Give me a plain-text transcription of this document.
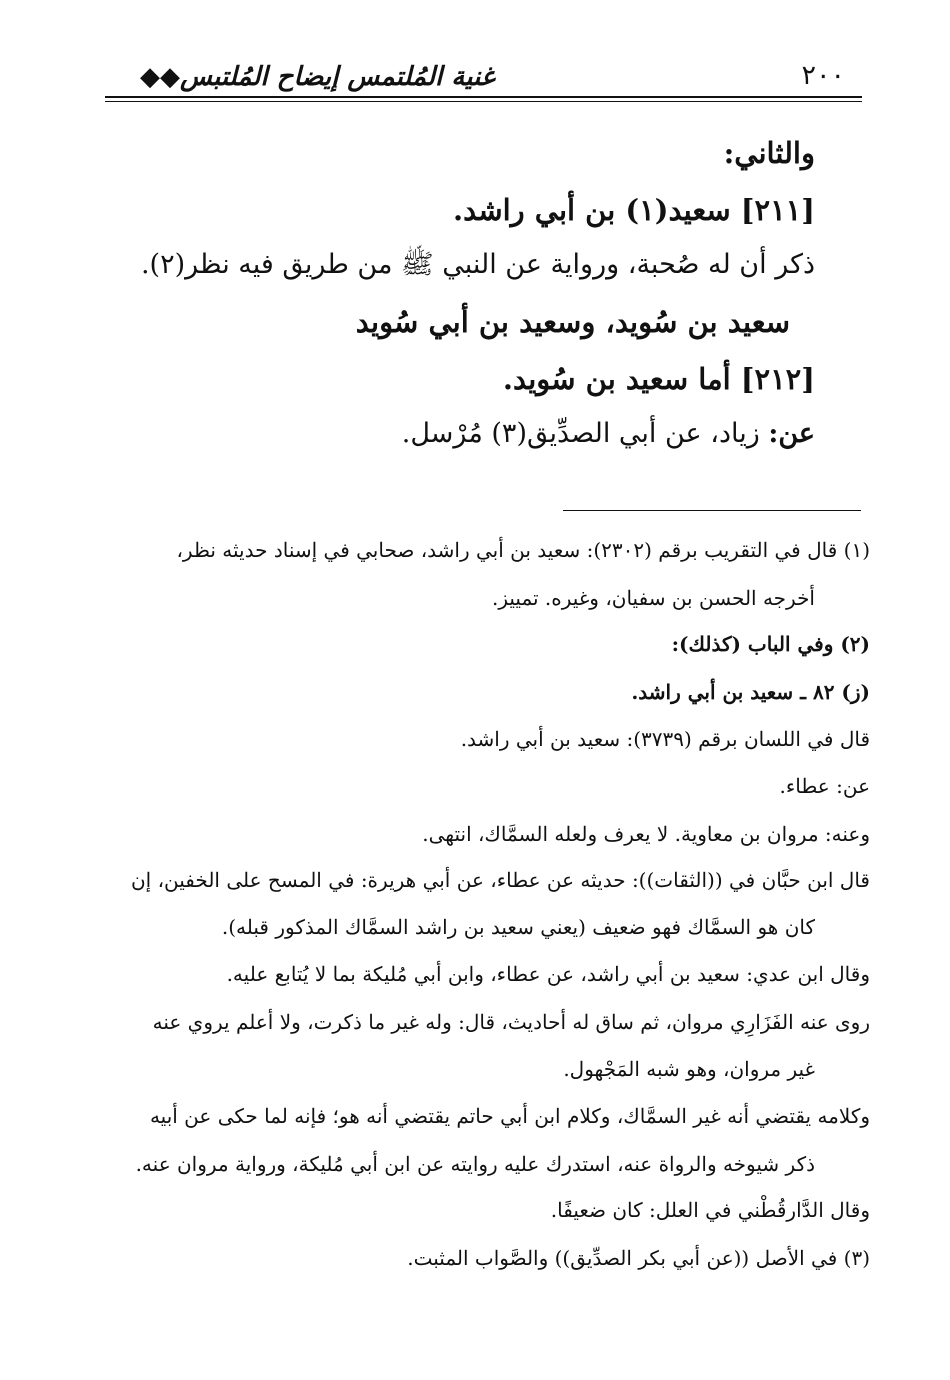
٢٠٠
غنية المُلتمس إيضاح المُلتبس◆◆
والثاني:
[٢١١] سعيد(١) بن أبي راشد.
ذكر أن له صُحبة، ورواية عن النبي ﷺ من طريق فيه نظر(٢).
سعيد بن سُويد، وسعيد بن أبي سُويد
[٢١٢] أما سعيد بن سُويد.
عن: زياد، عن أبي الصدِّيق(٣) مُرْسل.
(١) قال في التقريب برقم (٢٣٠٢): سعيد بن أبي راشد، صحابي في إسناد حديثه نظر،
أخرجه الحسن بن سفيان، وغيره. تمييز.
(٢) وفي الباب (كذلك):
(ز) ٨٢ ـ سعيد بن أبي راشد.
قال في اللسان برقم (٣٧٣٩): سعيد بن أبي راشد.
عن: عطاء.
وعنه: مروان بن معاوية. لا يعرف ولعله السمَّاك، انتهى.
قال ابن حبَّان في ((الثقات)): حديثه عن عطاء، عن أبي هريرة: في المسح على الخفين، إن
كان هو السمَّاك فهو ضعيف (يعني سعيد بن راشد السمَّاك المذكور قبله).
وقال ابن عدي: سعيد بن أبي راشد، عن عطاء، وابن أبي مُليكة بما لا يُتابع عليه.
روى عنه الفَزَارِي مروان، ثم ساق له أحاديث، قال: وله غير ما ذكرت، ولا أعلم يروي عنه
غير مروان، وهو شبه المَجْهول.
وكلامه يقتضي أنه غير السمَّاك، وكلام ابن أبي حاتم يقتضي أنه هو؛ فإنه لما حكى عن أبيه
ذكر شيوخه والرواة عنه، استدرك عليه روايته عن ابن أبي مُليكة، ورواية مروان عنه.
وقال الدَّارقُطْني في العلل: كان ضعيفًا.
(٣) في الأصل ((عن أبي بكر الصدِّيق)) والصَّواب المثبت.
